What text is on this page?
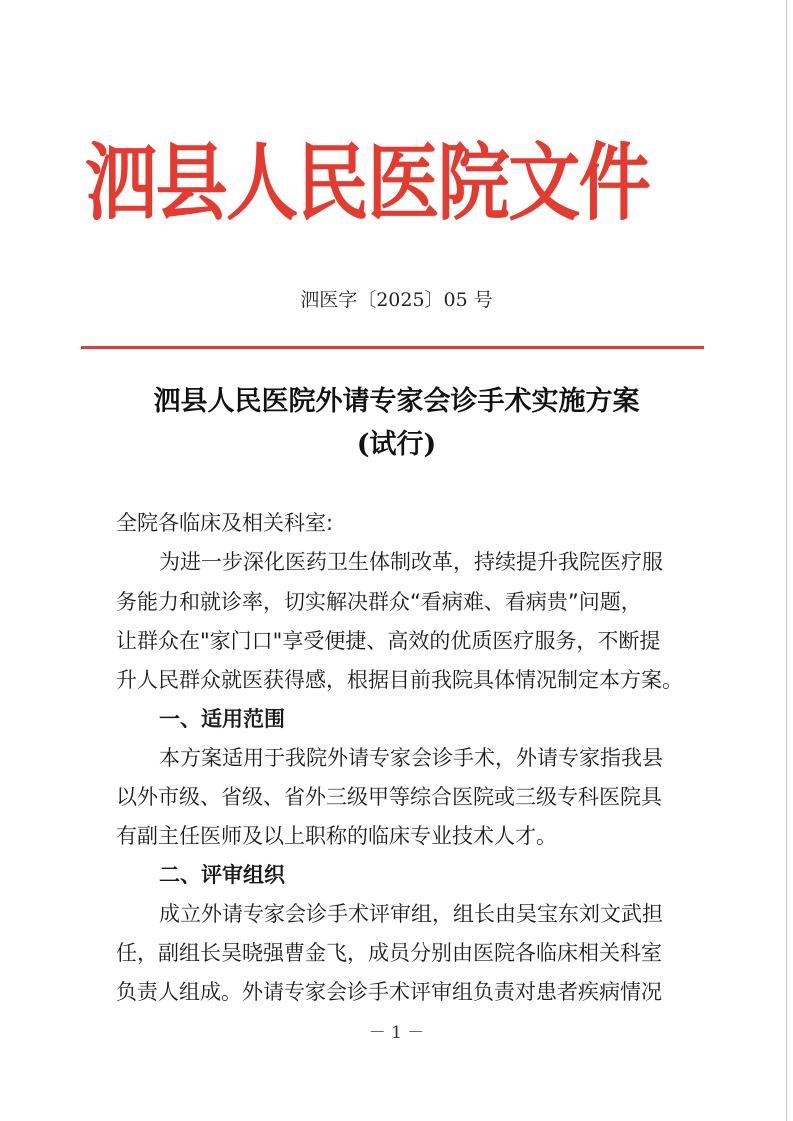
泗县人民医院文件
泗医字〔2025〕05 号
泗县人民医院外请专家会诊手术实施方案
(试行)
全院各临床及相关科室:
为进一步深化医药卫生体制改革，持续提升我院医疗服
务能力和就诊率，切实解决群众“看病难、看病贵”问题，
让群众在"家门口"享受便捷、高效的优质医疗服务，不断提
升人民群众就医获得感，根据目前我院具体情况制定本方案。
一、适用范围
本方案适用于我院外请专家会诊手术，外请专家指我县
以外市级、省级、省外三级甲等综合医院或三级专科医院具
有副主任医师及以上职称的临床专业技术人才。
二、评审组织
成立外请专家会诊手术评审组，组长由吴宝东刘文武担
任，副组长吴晓强曹金飞，成员分别由医院各临床相关科室
负责人组成。外请专家会诊手术评审组负责对患者疾病情况
－ 1 －
